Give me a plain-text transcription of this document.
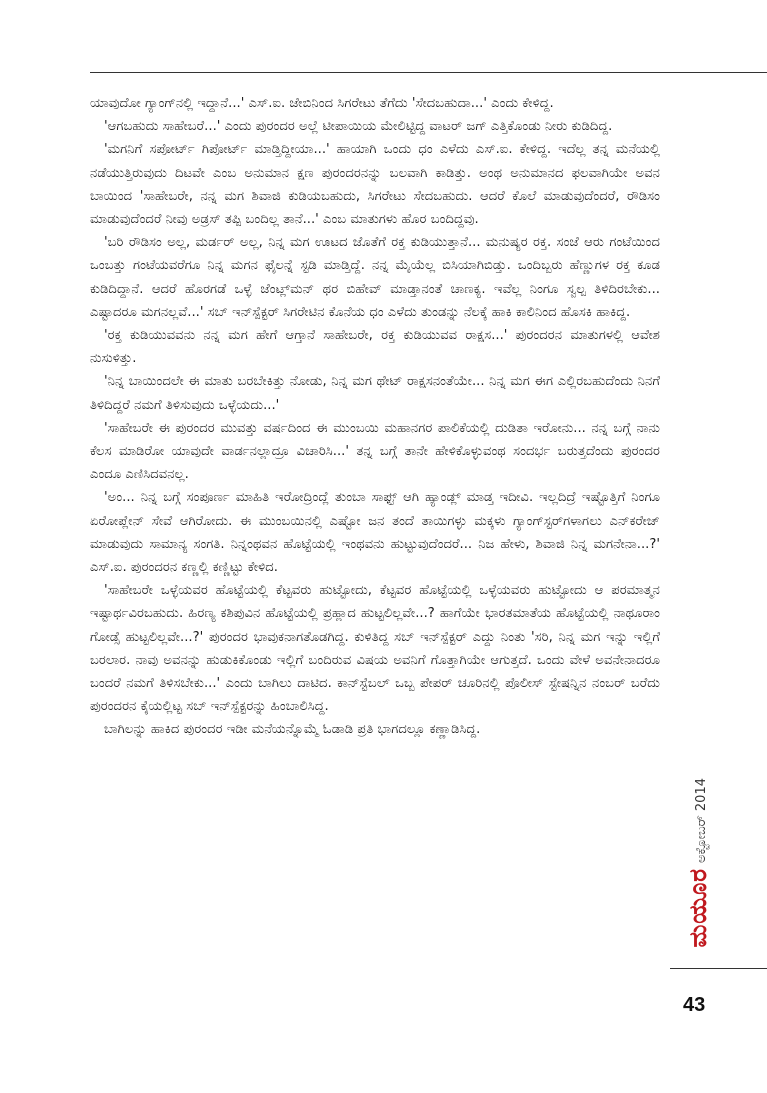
ಯಾವುದೋ ಗ್ಯಾಂಗ್‌ನಲ್ಲಿ ಇದ್ದಾನೆ...' ಎಸ್.ಐ. ಜೇಬಿನಿಂದ ಸಿಗರೇಟು ತೆಗೆದು 'ಸೇದಬಹುದಾ...' ಎಂದು ಕೇಳಿದ್ದ.

'ಆಗಬಹುದು ಸಾಹೇಬರೆ...' ಎಂದು ಪುರಂದರ ಅಲ್ಲೆ ಟೀಪಾಯಿಯ ಮೇಲಿಟ್ಟಿದ್ದ ವಾಟರ್ ಜಗ್ ಎತ್ತಿಕೊಂಡು ನೀರು ಕುಡಿದಿದ್ದ.

'ಮಗನಿಗೆ ಸಪೋರ್ಟ್ ಗಿಪೋರ್ಟ್ ಮಾಡ್ತಿದ್ದೀಯಾ...' ಹಾಯಾಗಿ ಒಂದು ಧಂ ಎಳೆದು ಎಸ್.ಐ. ಕೇಳಿದ್ದ. ಇದೆಲ್ಲ ತನ್ನ ಮನೆಯಲ್ಲಿ ನಡೆಯುತ್ತಿರುವುದು ದಿಟವೇ ಎಂಬ ಅನುಮಾನ ಕ್ಷಣ ಪುರಂದರನನ್ನು ಬಲವಾಗಿ ಕಾಡಿತ್ತು. ಅಂಥ ಅನುಮಾನದ ಫಲವಾಗಿಯೇ ಅವನ ಬಾಯಿಂದ 'ಸಾಹೇಬರೇ, ನನ್ನ ಮಗ ಶಿವಾಜಿ ಕುಡಿಯಬಹುದು, ಸಿಗರೇಟು ಸೇದಬಹುದು. ಆದರೆ ಕೊಲೆ ಮಾಡುವುದೆಂದರೆ, ರೌಡಿಸಂ ಮಾಡುವುದೆಂದರೆ ನೀವು ಅಡ್ರಸ್ ತಪ್ಪಿ ಬಂದಿಲ್ಲ ತಾನೆ...' ಎಂಬ ಮಾತುಗಳು ಹೊರ ಬಂದಿದ್ದವು.

'ಬರಿ ರೌಡಿಸಂ ಅಲ್ಲ, ಮರ್ಡರ್ ಅಲ್ಲ, ನಿನ್ನ ಮಗ ಊಟದ ಜೊತೆಗೆ ರಕ್ತ ಕುಡಿಯುತ್ತಾನೆ... ಮನುಷ್ಯರ ರಕ್ತ. ಸಂಜೆ ಆರು ಗಂಟೆಯಿಂದ ಒಂಬತ್ತು ಗಂಟೆಯವರೆಗೂ ನಿನ್ನ ಮಗನ ಫೈಲನ್ನೆ ಸ್ಟಡಿ ಮಾಡ್ತಿದ್ದೆ. ನನ್ನ ಮೈಯೆಲ್ಲ ಬಿಸಿಯಾಗಿಬಿಡ್ತು. ಒಂದಿಬ್ಬರು ಹೆಣ್ಣುಗಳ ರಕ್ತ ಕೂಡ ಕುಡಿದಿದ್ದಾನೆ. ಆದರೆ ಹೊರಗಡೆ ಒಳ್ಳೆ ಜೆಂಟ್ಲ್‌ಮನ್ ಥರ ಬಿಹೇವ್ ಮಾಡ್ತಾನಂತೆ ಚಾಣಕ್ಯ. ಇವೆಲ್ಲ ನಿಂಗೂ ಸ್ವಲ್ಪ ತಿಳಿದಿರಬೇಕು... ಎಷ್ಟಾದರೂ ಮಗನಲ್ಲವೆ...' ಸಬ್ ಇನ್‌ಸ್ಪೆಕ್ಟರ್ ಸಿಗರೇಟಿನ ಕೊನೆಯ ಧಂ ಎಳೆದು ತುಂಡನ್ನು ನೆಲಕ್ಕೆ ಹಾಕಿ ಕಾಲಿನಿಂದ ಹೊಸಕಿ ಹಾಕಿದ್ದ.

'ರಕ್ತ ಕುಡಿಯುವವನು ನನ್ನ ಮಗ ಹೇಗೆ ಆಗ್ತಾನೆ ಸಾಹೇಬರೇ, ರಕ್ತ ಕುಡಿಯುವವ ರಾಕ್ಷಸ...' ಪುರಂದರನ ಮಾತುಗಳಲ್ಲಿ ಆವೇಶ ನುಸುಳಿತ್ತು.

'ನಿನ್ನ ಬಾಯಿಂದಲೇ ಈ ಮಾತು ಬರಬೇಕಿತ್ತು ನೋಡು, ನಿನ್ನ ಮಗ ಥೇಟ್ ರಾಕ್ಷಸನಂತೆಯೇ... ನಿನ್ನ ಮಗ ಈಗ ಎಲ್ಲಿರಬಹುದೆಂದು ನಿನಗೆ ತಿಳಿದಿದ್ದರೆ ನಮಗೆ ತಿಳಿಸುವುದು ಒಳ್ಳೆಯದು...'

'ಸಾಹೇಬರೇ ಈ ಪುರಂದರ ಮುವತ್ತು ವರ್ಷದಿಂದ ಈ ಮುಂಬಯಿ ಮಹಾನಗರ ಪಾಲಿಕೆಯಲ್ಲಿ ದುಡಿತಾ ಇರೋನು... ನನ್ನ ಬಗ್ಗೆ ನಾನು ಕೆಲಸ ಮಾಡಿರೋ ಯಾವುದೇ ವಾರ್ಡನಲ್ಲಾದ್ರೂ ವಿಚಾರಿಸಿ...' ತನ್ನ ಬಗ್ಗೆ ತಾನೇ ಹೇಳಿಕೊಳ್ಳುವಂಥ ಸಂದರ್ಭ ಬರುತ್ತದೆಂದು ಪುರಂದರ ಎಂದೂ ಎಣಿಸಿದವನಲ್ಲ.

'ಅಂ... ನಿನ್ನ ಬಗ್ಗೆ ಸಂಪೂರ್ಣ ಮಾಹಿತಿ ಇರೋದ್ರಿಂದ್ಲೆ ತುಂಬಾ ಸಾಫ್ಟ್ ಆಗಿ ಹ್ಯಾಂಡ್ಲ್ ಮಾಡ್ತ ಇದೀವಿ. ಇಲ್ಲದಿದ್ರೆ ಇಷ್ಟೊತ್ತಿಗೆ ನಿಂಗೂ ಏರೋಪ್ಲೇನ್ ಸೇವೆ ಆಗಿರೋದು. ಈ ಮುಂಬಯಿನಲ್ಲಿ ಎಷ್ಟೋ ಜನ ತಂದೆ ತಾಯಿಗಳ್ಳು ಮಕ್ಕಳು ಗ್ಯಾಂಗ್‌ಸ್ಟರ್‌ಗಳಾಗಲು ಎನ್‌ಕರೇಜ್ ಮಾಡುವುದು ಸಾಮಾನ್ಯ ಸಂಗತಿ. ನಿನ್ನಂಥವನ ಹೊಟ್ಟೆಯಲ್ಲಿ ಇಂಥವನು ಹುಟ್ಟುವುದೆಂದರೆ... ನಿಜ ಹೇಳು, ಶಿವಾಜಿ ನಿನ್ನ ಮಗನೇನಾ...?' ಎಸ್.ಐ. ಪುರಂದರನ ಕಣ್ಣಲ್ಲಿ ಕಣ್ಣಿಟ್ಟು ಕೇಳಿದ.

'ಸಾಹೇಬರೇ ಒಳ್ಳೆಯವರ ಹೊಟ್ಟೆಯಲ್ಲಿ ಕೆಟ್ಟವರು ಹುಟ್ಟೋದು, ಕೆಟ್ಟವರ ಹೊಟ್ಟೆಯಲ್ಲಿ ಒಳ್ಳೆಯವರು ಹುಟ್ಟೋದು ಆ ಪರಮಾತ್ಮನ ಇಷ್ಟಾರ್ಥವಿರಬಹುದು. ಹಿರಣ್ಯ ಕಶಿಪುವಿನ ಹೊಟ್ಟೆಯಲ್ಲಿ ಪ್ರಹ್ಲಾದ ಹುಟ್ಟಲಿಲ್ಲವೇ...? ಹಾಗೆಯೇ ಭಾರತಮಾತೆಯ ಹೊಟ್ಟೆಯಲ್ಲಿ ನಾಥೂರಾಂ ಗೋಡ್ಸೆ ಹುಟ್ಟಲಿಲ್ಲವೇ...?' ಪುರಂದರ ಭಾವುಕನಾಗತೊಡಗಿದ್ದ. ಕುಳಿತಿದ್ದ ಸಬ್ ಇನ್‌ಸ್ಪೆಕ್ಟರ್ ಎದ್ದು ನಿಂತು 'ಸರಿ, ನಿನ್ನ ಮಗ ಇನ್ನು ಇಲ್ಲಿಗೆ ಬರಲಾರ. ನಾವು ಅವನನ್ನು ಹುಡುಕಿಕೊಂಡು ಇಲ್ಲಿಗೆ ಬಂದಿರುವ ವಿಷಯ ಅವನಿಗೆ ಗೊತ್ತಾಗಿಯೇ ಆಗುತ್ತದೆ. ಒಂದು ವೇಳೆ ಅವನೇನಾದರೂ ಬಂದರೆ ನಮಗೆ ತಿಳಿಸಬೇಕು...' ಎಂದು ಬಾಗಿಲು ದಾಟಿದ. ಕಾನ್‌ಸ್ಟೆಬಲ್ ಒಬ್ಬ ಪೇಪರ್ ಚೂರಿನಲ್ಲಿ ಪೊಲೀಸ್ ಸ್ಟೇಷನ್ನಿನ ನಂಬರ್ ಬರೆದು ಪುರಂದರನ ಕೈಯಲ್ಲಿಟ್ಟ ಸಬ್ ಇನ್‌ಸ್ಪೆಕ್ಟರನ್ನು ಹಿಂಬಾಲಿಸಿದ್ದ.

ಬಾಗಿಲನ್ನು ಹಾಕಿದ ಪುರಂದರ ಇಡೀ ಮನೆಯನ್ನೊಮ್ಮೆ ಓಡಾಡಿ ಪ್ರತಿ ಭಾಗದಲ್ಲೂ ಕಣ್ಣಾಡಿಸಿದ್ದ.

ಅಕ್ಟೋಬರ್ 2014
ಮಯೂರ
43
